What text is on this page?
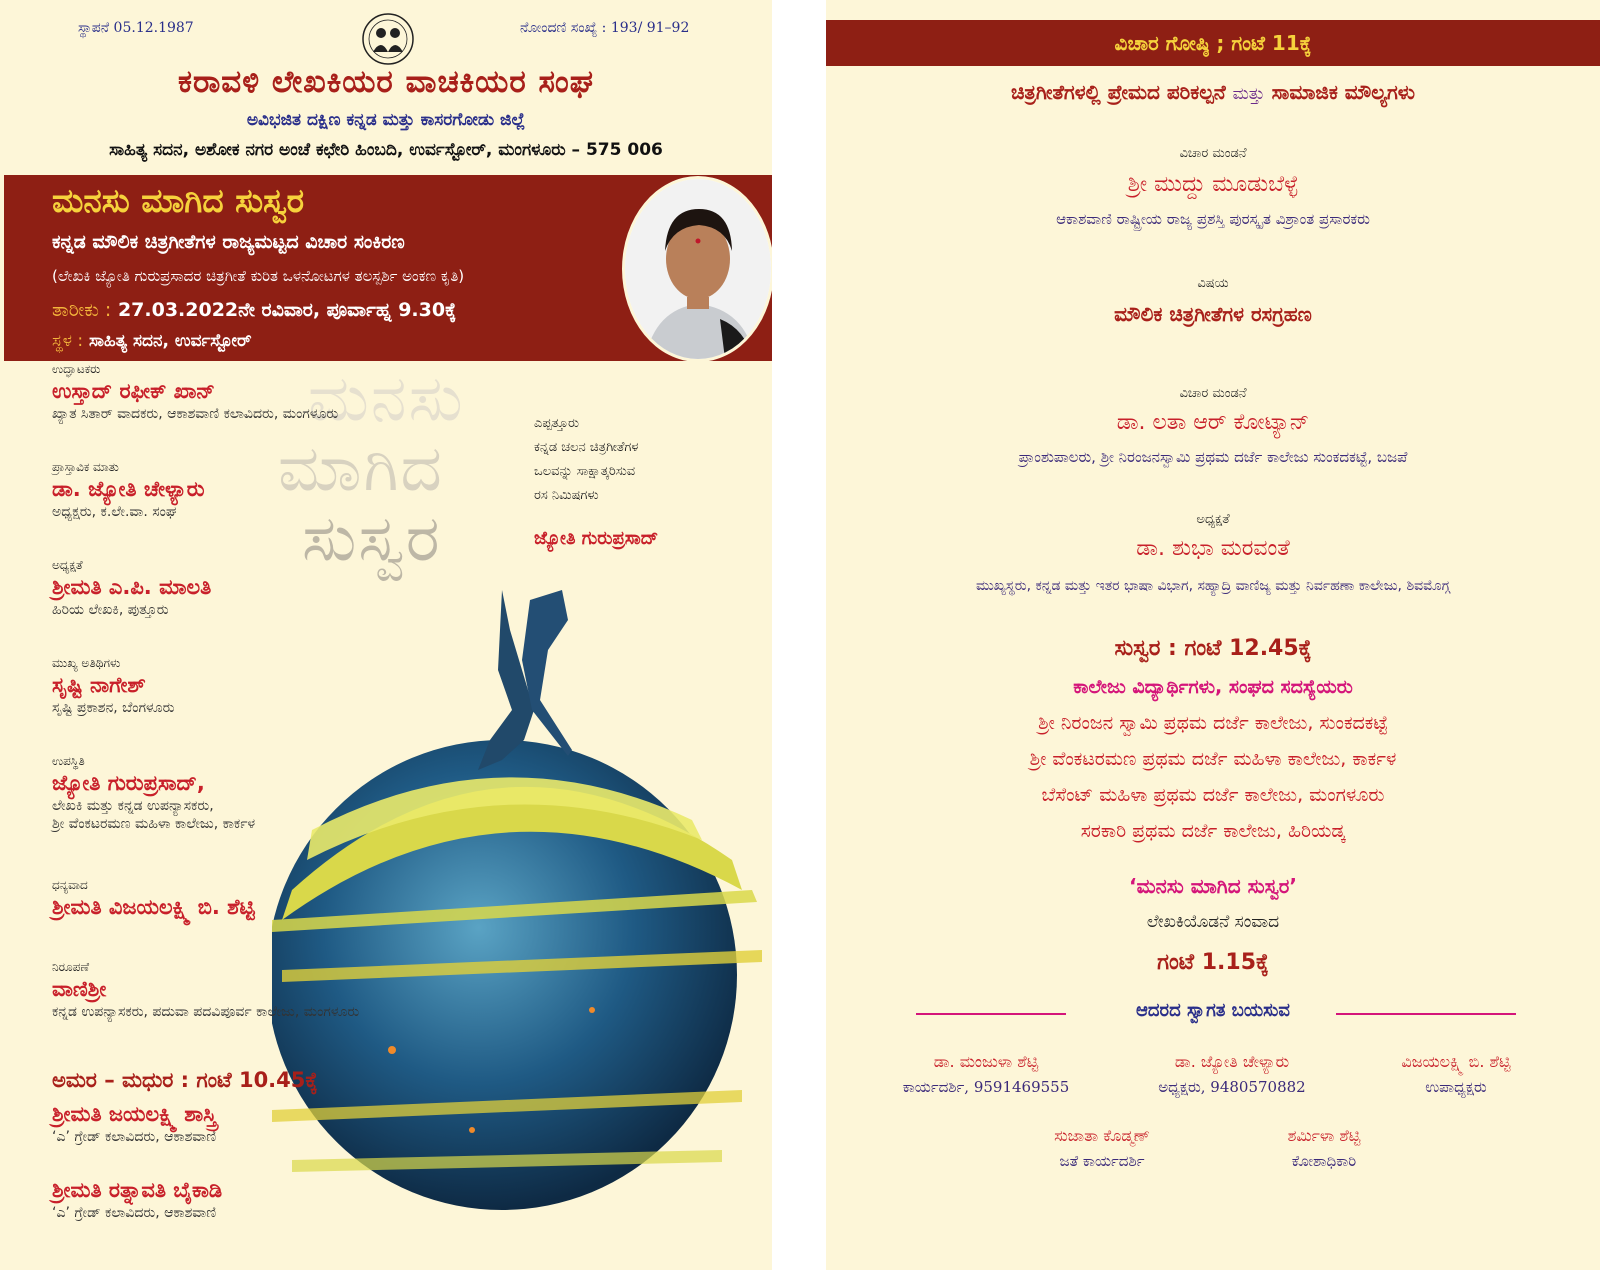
ಸ್ಥಾಪನೆ 05.12.1987	ನೋಂದಣಿ ಸಂಖ್ಯೆ : 193/ 91–92
ಕರಾವಳಿ ಲೇಖಕಿಯರ ವಾಚಕಿಯರ ಸಂಘ
ಅವಿಭಜಿತ ದಕ್ಷಿಣ ಕನ್ನಡ ಮತ್ತು ಕಾಸರಗೋಡು ಜಿಲ್ಲೆ
ಸಾಹಿತ್ಯ ಸದನ, ಅಶೋಕ ನಗರ ಅಂಚೆ ಕಛೇರಿ ಹಿಂಬದಿ, ಉರ್ವಸ್ಟೋರ್, ಮಂಗಳೂರು – 575 006
ಮನಸು ಮಾಗಿದ ಸುಸ್ವರ
ಕನ್ನಡ ಮೌಲಿಕ ಚಿತ್ರಗೀತೆಗಳ ರಾಜ್ಯಮಟ್ಟದ ವಿಚಾರ ಸಂಕಿರಣ
(ಲೇಖಕಿ ಜ್ಯೋತಿ ಗುರುಪ್ರಸಾದರ ಚಿತ್ರಗೀತೆ ಕುರಿತ ಒಳನೋಟಗಳ ತಲಸ್ಪರ್ಶಿ ಅಂಕಣ ಕೃತಿ)
ತಾರೀಕು : 27.03.2022ನೇ ರವಿವಾರ, ಪೂರ್ವಾಹ್ನ 9.30ಕ್ಕೆ
ಸ್ಥಳ : ಸಾಹಿತ್ಯ ಸದನ, ಉರ್ವಸ್ಟೋರ್
ಮನಸು
ಮಾಗಿದ
ಸುಸ್ವರ
ಎಪ್ಪತ್ತೂರು
ಕನ್ನಡ ಚಲನ ಚಿತ್ರಗೀತೆಗಳ
ಒಲವನ್ನು ಸಾಕ್ಷಾತ್ಕರಿಸುವ
ರಸ ನಿಮಿಷಗಳು
ಜ್ಯೋತಿ ಗುರುಪ್ರಸಾದ್
ಉದ್ಘಾಟಕರು
ಉಸ್ತಾದ್ ರಫೀಕ್ ಖಾನ್
ಖ್ಯಾತ ಸಿತಾರ್ ವಾದಕರು, ಆಕಾಶವಾಣಿ ಕಲಾವಿದರು, ಮಂಗಳೂರು
ಪ್ರಾಸ್ತಾವಿಕ ಮಾತು
ಡಾ. ಜ್ಯೋತಿ ಚೇಳ್ಯಾರು
ಅಧ್ಯಕ್ಷರು, ಕ.ಲೇ.ವಾ. ಸಂಘ
ಅಧ್ಯಕ್ಷತೆ
ಶ್ರೀಮತಿ ಎ.ಪಿ. ಮಾಲತಿ
ಹಿರಿಯ ಲೇಖಕಿ, ಪುತ್ತೂರು
ಮುಖ್ಯ ಅತಿಥಿಗಳು
ಸೃಷ್ಟಿ ನಾಗೇಶ್
ಸೃಷ್ಟಿ ಪ್ರಕಾಶನ, ಬೆಂಗಳೂರು
ಉಪಸ್ಥಿತಿ
ಜ್ಯೋತಿ ಗುರುಪ್ರಸಾದ್,
ಲೇಖಕಿ ಮತ್ತು ಕನ್ನಡ ಉಪನ್ಯಾಸಕರು,
ಶ್ರೀ ವೆಂಕಟರಮಣ ಮಹಿಳಾ ಕಾಲೇಜು, ಕಾರ್ಕಳ
ಧನ್ಯವಾದ
ಶ್ರೀಮತಿ ವಿಜಯಲಕ್ಷ್ಮಿ ಬಿ. ಶೆಟ್ಟಿ
ನಿರೂಪಣೆ
ವಾಣಿಶ್ರೀ
ಕನ್ನಡ ಉಪನ್ಯಾಸಕರು, ಪದುವಾ ಪದವಿಪೂರ್ವ ಕಾಲೇಜು, ಮಂಗಳೂರು
ಅಮರ – ಮಧುರ : ಗಂಟೆ 10.45ಕ್ಕೆ
ಶ್ರೀಮತಿ ಜಯಲಕ್ಷ್ಮಿ ಶಾಸ್ತ್ರಿ
‘ಎ’ ಗ್ರೇಡ್ ಕಲಾವಿದರು, ಆಕಾಶವಾಣಿ
ಶ್ರೀಮತಿ ರತ್ನಾವತಿ ಬೈಕಾಡಿ
‘ಎ’ ಗ್ರೇಡ್ ಕಲಾವಿದರು, ಆಕಾಶವಾಣಿ
ವಿಚಾರ ಗೋಷ್ಠಿ ; ಗಂಟೆ 11ಕ್ಕೆ
ಚಿತ್ರಗೀತೆಗಳಲ್ಲಿ ಪ್ರೇಮದ ಪರಿಕಲ್ಪನೆ ಮತ್ತು ಸಾಮಾಜಿಕ ಮೌಲ್ಯಗಳು
ವಿಚಾರ ಮಂಡನೆ
ಶ್ರೀ ಮುದ್ದು ಮೂಡುಬೆಳ್ಳೆ
ಆಕಾಶವಾಣಿ ರಾಷ್ಟ್ರೀಯ ರಾಜ್ಯ ಪ್ರಶಸ್ತಿ ಪುರಸ್ಕೃತ ವಿಶ್ರಾಂತ ಪ್ರಸಾರಕರು
ವಿಷಯ
ಮೌಲಿಕ ಚಿತ್ರಗೀತೆಗಳ ರಸಗ್ರಹಣ
ವಿಚಾರ ಮಂಡನೆ
ಡಾ. ಲತಾ ಆರ್ ಕೋಟ್ಯಾನ್
ಪ್ರಾಂಶುಪಾಲರು, ಶ್ರೀ ನಿರಂಜನಸ್ವಾಮಿ ಪ್ರಥಮ ದರ್ಜೆ ಕಾಲೇಜು ಸುಂಕದಕಟ್ಟೆ, ಬಜಪೆ
ಅಧ್ಯಕ್ಷತೆ
ಡಾ. ಶುಭಾ ಮರವಂತೆ
ಮುಖ್ಯಸ್ಥರು, ಕನ್ನಡ ಮತ್ತು ಇತರ ಭಾಷಾ ವಿಭಾಗ, ಸಹ್ಯಾದ್ರಿ ವಾಣಿಜ್ಯ ಮತ್ತು ನಿರ್ವಹಣಾ ಕಾಲೇಜು, ಶಿವಮೊಗ್ಗ
ಸುಸ್ವರ : ಗಂಟೆ 12.45ಕ್ಕೆ
ಕಾಲೇಜು ವಿದ್ಯಾರ್ಥಿಗಳು, ಸಂಘದ ಸದಸ್ಯೆಯರು
ಶ್ರೀ ನಿರಂಜನ ಸ್ವಾಮಿ ಪ್ರಥಮ ದರ್ಜೆ ಕಾಲೇಜು, ಸುಂಕದಕಟ್ಟೆ
ಶ್ರೀ ವೆಂಕಟರಮಣ ಪ್ರಥಮ ದರ್ಜೆ ಮಹಿಳಾ ಕಾಲೇಜು, ಕಾರ್ಕಳ
ಬೆಸೆಂಟ್ ಮಹಿಳಾ ಪ್ರಥಮ ದರ್ಜೆ ಕಾಲೇಜು, ಮಂಗಳೂರು
ಸರಕಾರಿ ಪ್ರಥಮ ದರ್ಜೆ ಕಾಲೇಜು, ಹಿರಿಯಡ್ಕ
‘ಮನಸು ಮಾಗಿದ ಸುಸ್ವರ’
ಲೇಖಕಿಯೊಡನೆ ಸಂವಾದ
ಗಂಟೆ 1.15ಕ್ಕೆ
ಆದರದ ಸ್ವಾಗತ ಬಯಸುವ
ಡಾ. ಮಂಜುಳಾ ಶೆಟ್ಟಿ
ಕಾರ್ಯದರ್ಶಿ, 9591469555
ಡಾ. ಜ್ಯೋತಿ ಚೇಳ್ಯಾರು
ಅಧ್ಯಕ್ಷರು, 9480570882
ವಿಜಯಲಕ್ಷ್ಮಿ ಬಿ. ಶೆಟ್ಟಿ
ಉಪಾಧ್ಯಕ್ಷರು
ಸುಜಾತಾ ಕೊಡ್ಮಣ್
ಜತೆ ಕಾರ್ಯದರ್ಶಿ
ಶರ್ಮಿಳಾ ಶೆಟ್ಟಿ
ಕೋಶಾಧಿಕಾರಿ
